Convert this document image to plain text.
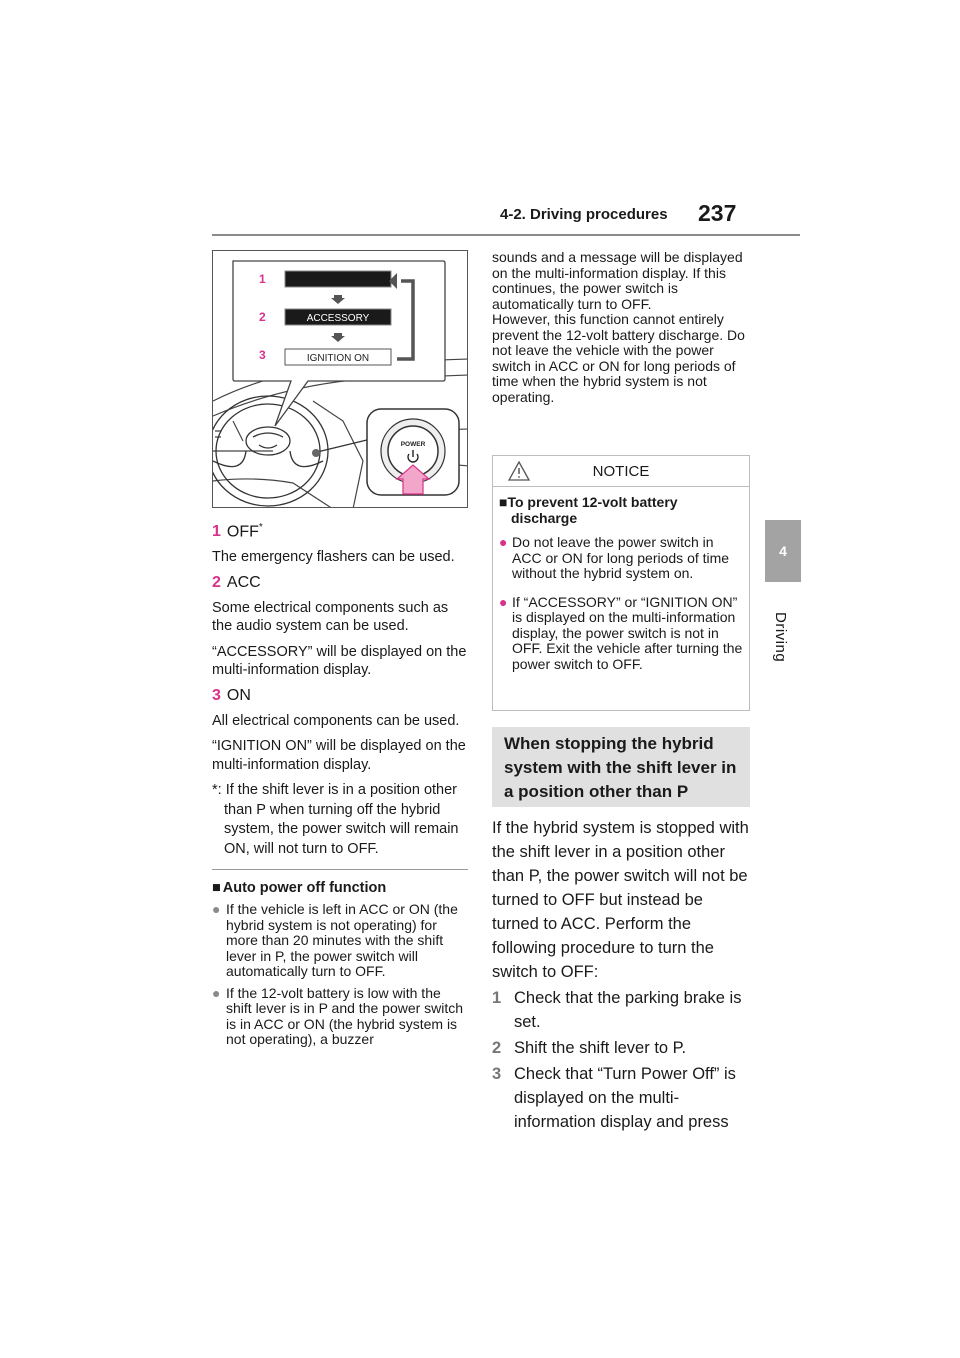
4-2. Driving procedures	237
4
Driving
1
2
3
ACCESSORY
IGNITION ON
POWER
1 OFF*
The emergency flashers can be used.
2 ACC
Some electrical components such as the audio system can be used.
“ACCESSORY” will be displayed on the multi-information display.
3 ON
All electrical components can be used.
“IGNITION ON” will be displayed on the multi-information display.
*: If the shift lever is in a position other than P when turning off the hybrid system, the power switch will remain ON, will not turn to OFF.
■ Auto power off function
● If the vehicle is left in ACC or ON (the hybrid system is not operating) for more than 20 minutes with the shift lever in P, the power switch will automatically turn to OFF.
● If the 12-volt battery is low with the shift lever is in P and the power switch is in ACC or ON (the hybrid system is not operating), a buzzer
sounds and a message will be displayed on the multi-information display. If this continues, the power switch is automatically turn to OFF.
However, this function cannot entirely prevent the 12-volt battery discharge. Do not leave the vehicle with the power switch in ACC or ON for long periods of time when the hybrid system is not operating.
NOTICE
■To prevent 12-volt battery discharge
● Do not leave the power switch in ACC or ON for long periods of time without the hybrid system on.
● If “ACCESSORY” or “IGNITION ON” is displayed on the multi-information display, the power switch is not in OFF. Exit the vehicle after turning the power switch to OFF.
When stopping the hybrid system with the shift lever in a position other than P
If the hybrid system is stopped with the shift lever in a position other than P, the power switch will not be turned to OFF but instead be turned to ACC. Perform the following procedure to turn the switch to OFF:
1 Check that the parking brake is set.
2 Shift the shift lever to P.
3 Check that “Turn Power Off” is displayed on the multi-information display and press
